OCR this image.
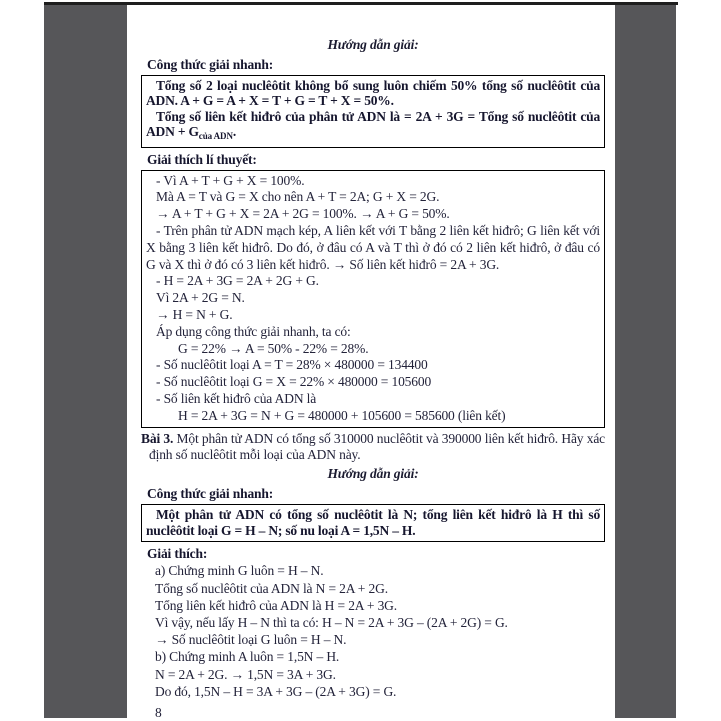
Hướng dẫn giải:
Công thức giải nhanh:

Tổng số 2 loại nuclêôtit không bổ sung luôn chiếm 50% tổng số nuclêôtit của ADN. A + G = A + X = T + G = T + X = 50%.

Tổng số liên kết hiđrô của phân tử ADN là = 2A + 3G = Tổng số nuclêôtit của ADN + $G_{của ADN}$.

Giải thích lí thuyết:

- Vì A + T + G + X = 100%.

Mà A = T và G = X cho nên A + T = 2A; G + X = 2G.

→ A + T + G + X = 2A + 2G = 100%. → A + G = 50%.

- Trên phân tử ADN mạch kép, A liên kết với T bằng 2 liên kết hiđrô; G liên kết với X bằng 3 liên kết hiđrô. Do đó, ở đâu có A và T thì ở đó có 2 liên kết hiđrô, ở đâu có G và X thì ở đó có 3 liên kết hiđrô. → Số liên kết hiđrô = 2A + 3G.

- H = 2A + 3G = 2A + 2G + G.

Vì 2A + 2G = N.

→ H = N + G.

Áp dụng công thức giải nhanh, ta có:

G = 22% → A = 50% - 22% = 28%.

- Số nuclêôtit loại A = T = 28% × 480000 = 134400

- Số nuclêôtit loại G = X = 22% × 480000 = 105600

- Số liên kết hiđrô của ADN là

H = 2A + 3G = N + G = 480000 + 105600 = 585600 (liên kết)

Bài 3. Một phân tử ADN có tổng số 310000 nuclêôtit và 390000 liên kết hiđrô. Hãy xác định số nuclêôtit mỗi loại của ADN này.

Hướng dẫn giải:
Công thức giải nhanh:

Một phân tử ADN có tổng số nuclêôtit là N; tổng liên kết hiđrô là H thì số nuclêôtit loại G = H – N; số nu loại A = 1,5N – H.

Giải thích:

a) Chứng minh G luôn = H – N.

Tổng số nuclêôtit của ADN là N = 2A + 2G.

Tổng liên kết hiđrô của ADN là H = 2A + 3G.

Vì vậy, nếu lấy H – N thì ta có: H – N = 2A + 3G – (2A + 2G) = G.

→ Số nuclêôtit loại G luôn = H – N.

b) Chứng minh A luôn = 1,5N – H.

N = 2A + 2G. → 1,5N = 3A + 3G.

Do đó, 1,5N – H = 3A + 3G – (2A + 3G) = G.

8
